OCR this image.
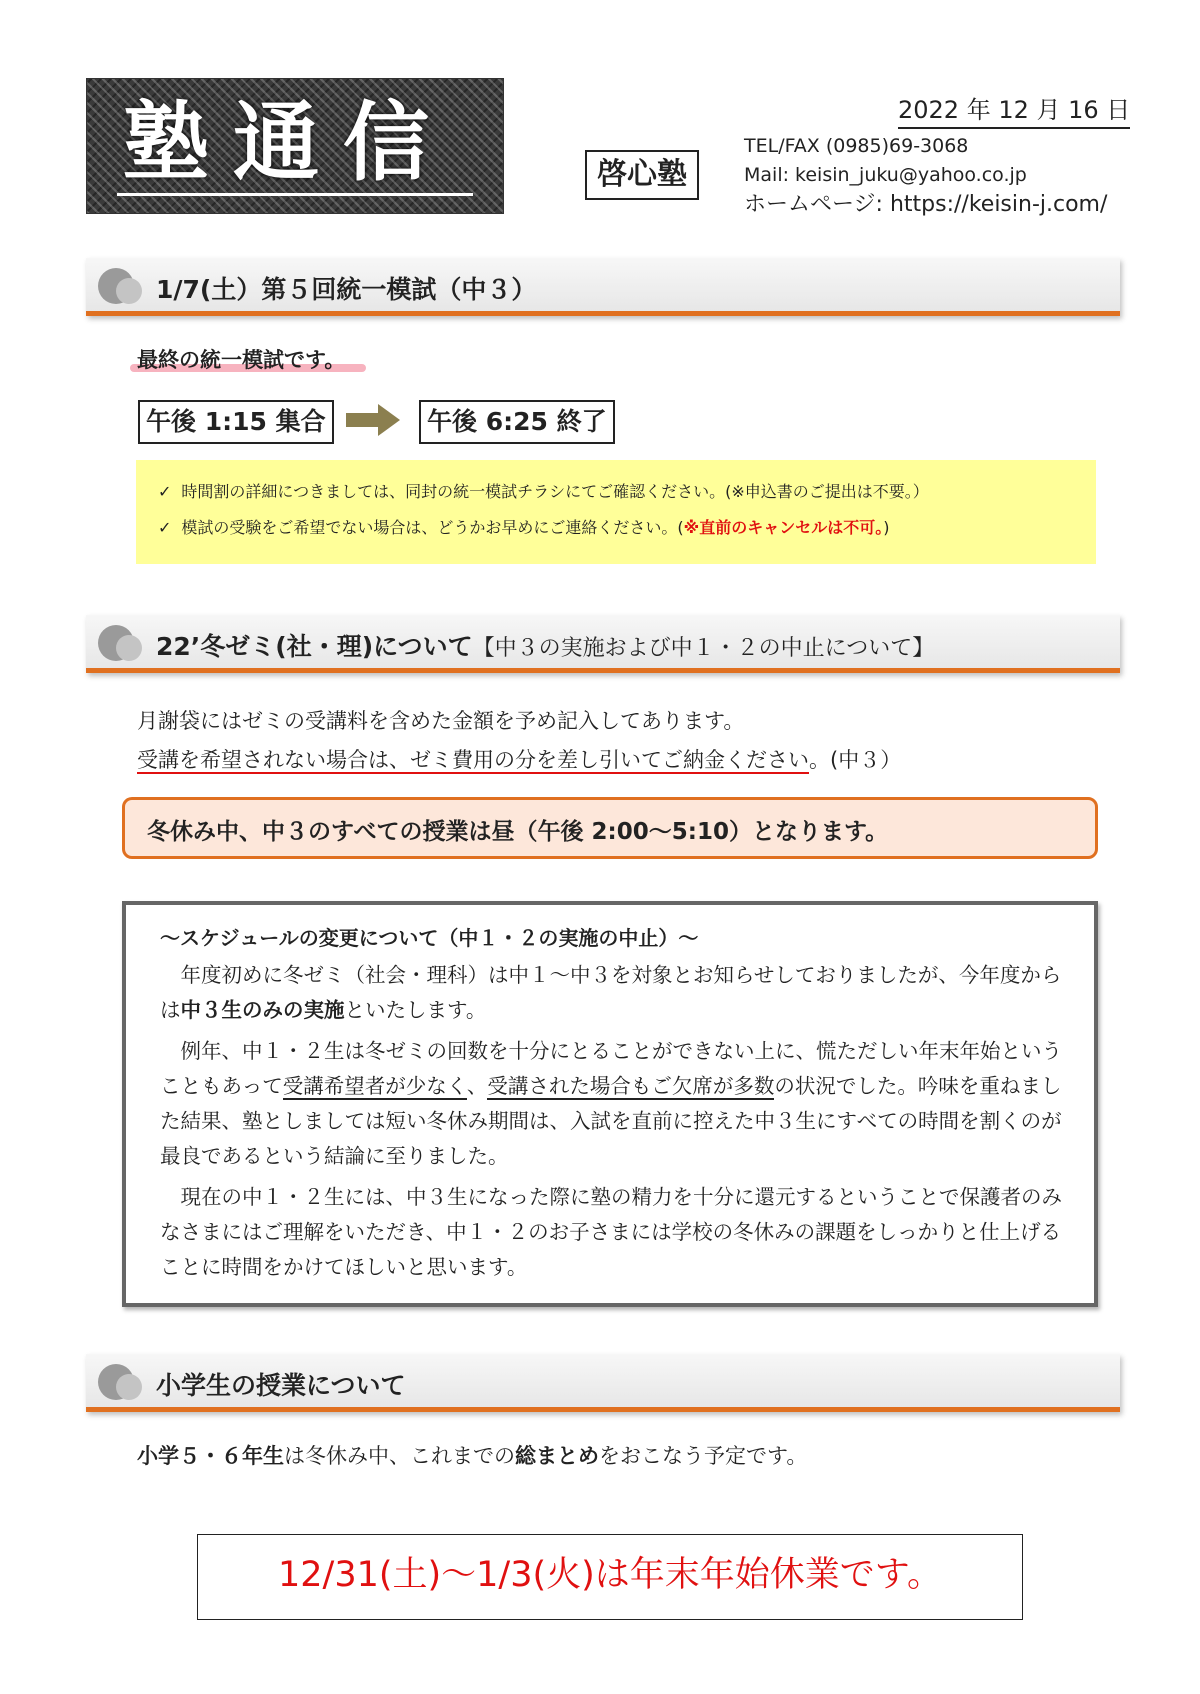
塾通信	啓心塾
2022 年 12 月 16 日
TEL/FAX (0985)69-3068
Mail: keisin_juku@yahoo.co.jp
ホームページ: https://keisin-j.com/
1/7(土）第５回統一模試（中３）
最終の統一模試です。
午後 1:15 集合	午後 6:25 終了
✓ 時間割の詳細につきましては、同封の統一模試チラシにてご確認ください。(※申込書のご提出は不要。）
✓ 模試の受験をご希望でない場合は、どうかお早めにご連絡ください。(※直前のキャンセルは不可。)
22’冬ゼミ(社・理)について【中３の実施および中１・２の中止について】
月謝袋にはゼミの受講料を含めた金額を予め記入してあります。
受講を希望されない場合は、ゼミ費用の分を差し引いてご納金ください。(中３）
冬休み中、中３のすべての授業は昼（午後 2:00〜5:10）となります。
〜スケジュールの変更について（中１・２の実施の中止）〜

年度初めに冬ゼミ（社会・理科）は中１〜中３を対象とお知らせしておりましたが、今年度からは中３生のみの実施といたします。

例年、中１・２生は冬ゼミの回数を十分にとることができない上に、慌ただしい年末年始ということもあって受講希望者が少なく、受講された場合もご欠席が多数の状況でした。吟味を重ねました結果、塾としましては短い冬休み期間は、入試を直前に控えた中３生にすべての時間を割くのが最良であるという結論に至りました。

現在の中１・２生には、中３生になった際に塾の精力を十分に還元するということで保護者のみなさまにはご理解をいただき、中１・２のお子さまには学校の冬休みの課題をしっかりと仕上げることに時間をかけてほしいと思います。

小学生の授業について
小学５・６年生は冬休み中、これまでの総まとめをおこなう予定です。
12/31(土)〜1/3(火)は年末年始休業です。
